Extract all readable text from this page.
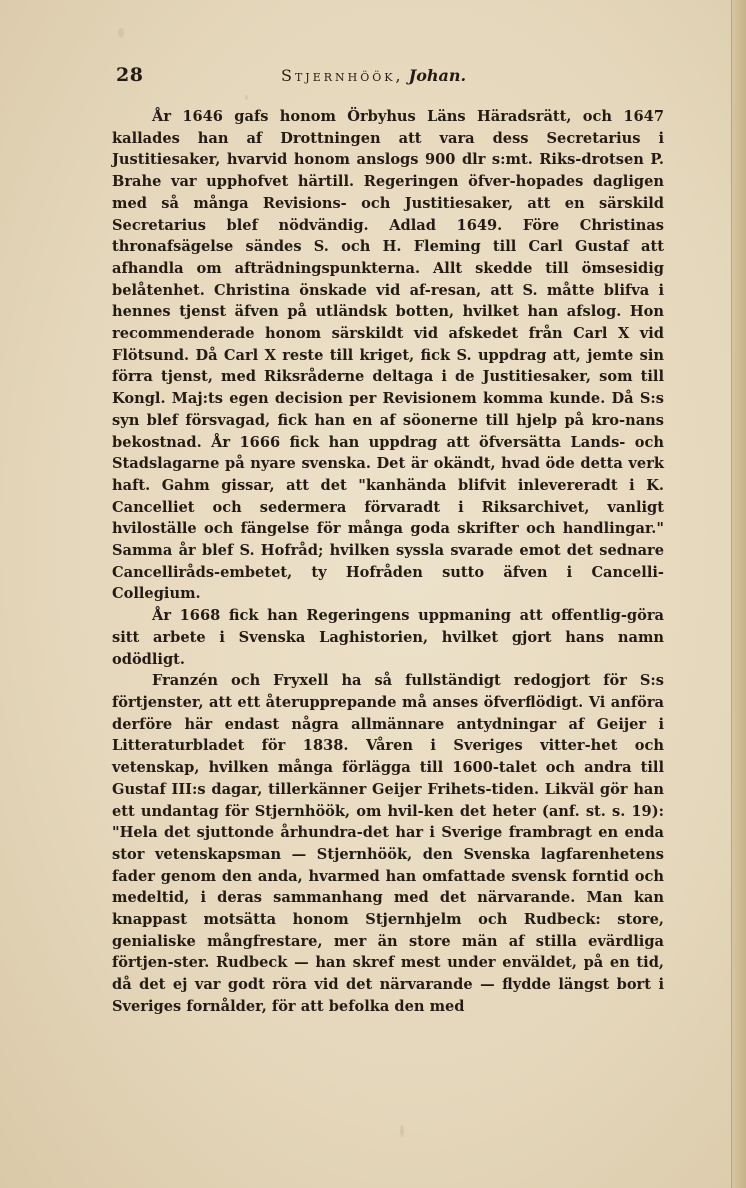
28	Stjernhöök, Johan.

År 1646 gafs honom Örbyhus Läns Häradsrätt, och 1647 kallades han af Drottningen att vara dess Secretarius i Justitiesaker, hvarvid honom anslogs 900 dlr s:mt. Riks-drotsen P. Brahe var upphofvet härtill. Regeringen öfver-hopades dagligen med så många Revisions- och Justitiesaker, att en särskild Secretarius blef nödvändig. Adlad 1649. Före Christinas thronafsägelse sändes S. och H. Fleming till Carl Gustaf att afhandla om afträdningspunkterna. Allt skedde till ömsesidig belåtenhet. Christina önskade vid af-resan, att S. måtte blifva i hennes tjenst äfven på utländsk botten, hvilket han afslog. Hon recommenderade honom särskildt vid afskedet från Carl X vid Flötsund. Då Carl X reste till kriget, fick S. uppdrag att, jemte sin förra tjenst, med Riksråderne deltaga i de Justitiesaker, som till Kongl. Maj:ts egen decision per Revisionem komma kunde. Då S:s syn blef försvagad, fick han en af söonerne till hjelp på kro-nans bekostnad. År 1666 fick han uppdrag att öfversätta Lands- och Stadslagarne på nyare svenska. Det är okändt, hvad öde detta verk haft. Gahm gissar, att det "kanhända blifvit inlevereradt i K. Cancelliet och sedermera förvaradt i Riksarchivet, vanligt hviloställe och fängelse för många goda skrifter och handlingar." Samma år blef S. Hofråd; hvilken syssla svarade emot det sednare Cancelliråds-embetet, ty Hofråden sutto äfven i Cancelli-Collegium.

År 1668 fick han Regeringens uppmaning att offentlig-göra sitt arbete i Svenska Laghistorien, hvilket gjort hans namn odödligt.

Franzén och Fryxell ha så fullständigt redogjort för S:s förtjenster, att ett återupprepande må anses öfverflödigt. Vi anföra derföre här endast några allmännare antydningar af Geijer i Litteraturbladet för 1838. Våren i Sveriges vitter-het och vetenskap, hvilken många förlägga till 1600-talet och andra till Gustaf III:s dagar, tillerkänner Geijer Frihets-tiden. Likväl gör han ett undantag för Stjernhöök, om hvil-ken det heter (anf. st. s. 19): "Hela det sjuttonde århundra-det har i Sverige frambragt en enda stor vetenskapsman — Stjernhöök, den Svenska lagfarenhetens fader genom den anda, hvarmed han omfattade svensk forntid och medeltid, i deras sammanhang med det närvarande. Man kan knappast motsätta honom Stjernhjelm och Rudbeck: store, genialiske mångfrestare, mer än store män af stilla evärdliga förtjen-ster. Rudbeck — han skref mest under enväldet, på en tid, då det ej var godt röra vid det närvarande — flydde längst bort i Sveriges fornålder, för att befolka den med
